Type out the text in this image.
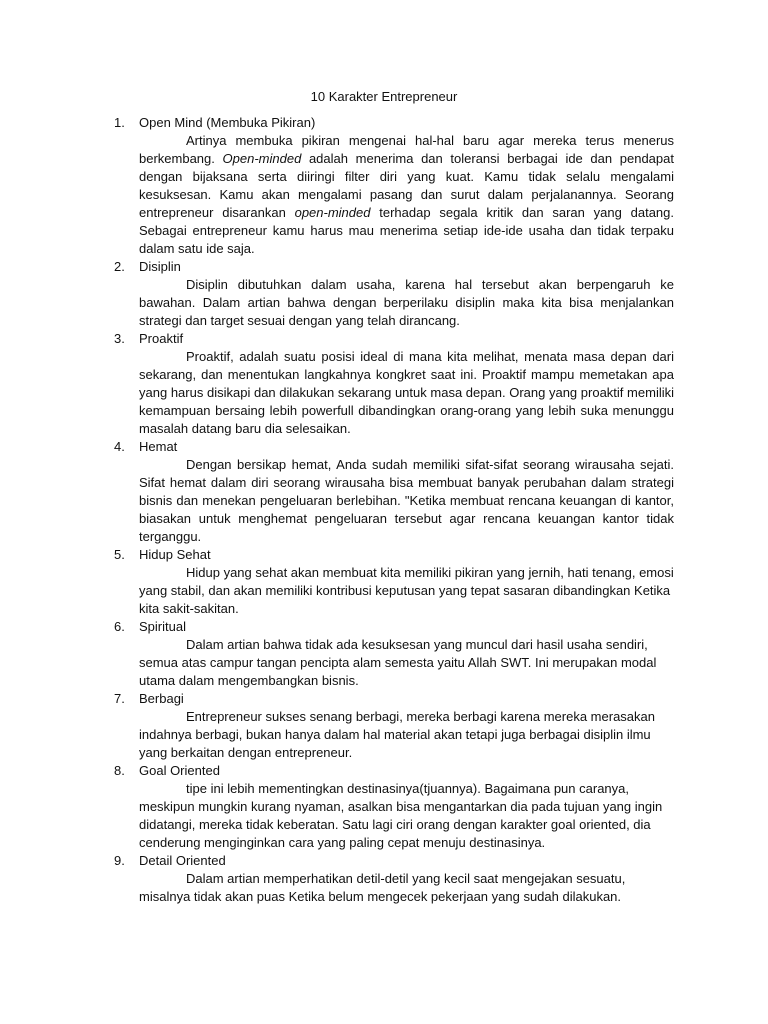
10 Karakter Entrepreneur
1. Open Mind (Membuka Pikiran)

Artinya membuka pikiran mengenai hal-hal baru agar mereka terus menerus berkembang. Open-minded adalah menerima dan toleransi berbagai ide dan pendapat dengan bijaksana serta diiringi filter diri yang kuat. Kamu tidak selalu mengalami kesuksesan. Kamu akan mengalami pasang dan surut dalam perjalanannya. Seorang entrepreneur disarankan open-minded terhadap segala kritik dan saran yang datang. Sebagai entrepreneur kamu harus mau menerima setiap ide-ide usaha dan tidak terpaku dalam satu ide saja.

2. Disiplin

Disiplin dibutuhkan dalam usaha, karena hal tersebut akan berpengaruh ke bawahan. Dalam artian bahwa dengan berperilaku disiplin maka kita bisa menjalankan strategi dan target sesuai dengan yang telah dirancang.

3. Proaktif

Proaktif, adalah suatu posisi ideal di mana kita melihat, menata masa depan dari sekarang, dan menentukan langkahnya kongkret saat ini. Proaktif mampu memetakan apa yang harus disikapi dan dilakukan sekarang untuk masa depan. Orang yang proaktif memiliki kemampuan bersaing lebih powerfull dibandingkan orang-orang yang lebih suka menunggu masalah datang baru dia selesaikan.

4. Hemat

Dengan bersikap hemat, Anda sudah memiliki sifat-sifat seorang wirausaha sejati. Sifat hemat dalam diri seorang wirausaha bisa membuat banyak perubahan dalam strategi bisnis dan menekan pengeluaran berlebihan. "Ketika membuat rencana keuangan di kantor, biasakan untuk menghemat pengeluaran tersebut agar rencana keuangan kantor tidak terganggu.

5. Hidup Sehat

Hidup yang sehat akan membuat kita memiliki pikiran yang jernih, hati tenang, emosi yang stabil, dan akan memiliki kontribusi keputusan yang tepat sasaran dibandingkan Ketika kita sakit-sakitan.

6. Spiritual

Dalam artian bahwa tidak ada kesuksesan yang muncul dari hasil usaha sendiri, semua atas campur tangan pencipta alam semesta yaitu Allah SWT. Ini merupakan modal utama dalam mengembangkan bisnis.

7. Berbagi

Entrepreneur sukses senang berbagi, mereka berbagi karena mereka merasakan indahnya berbagi, bukan hanya dalam hal material akan tetapi juga berbagai disiplin ilmu yang berkaitan dengan entrepreneur.

8. Goal Oriented

tipe ini lebih mementingkan destinasinya(tjuannya). Bagaimana pun caranya, meskipun mungkin kurang nyaman, asalkan bisa mengantarkan dia pada tujuan yang ingin didatangi, mereka tidak keberatan. Satu lagi ciri orang dengan karakter goal oriented, dia cenderung menginginkan cara yang paling cepat menuju destinasinya.

9. Detail Oriented

Dalam artian memperhatikan detil-detil yang kecil saat mengejakan sesuatu, misalnya tidak akan puas Ketika belum mengecek pekerjaan yang sudah dilakukan.
